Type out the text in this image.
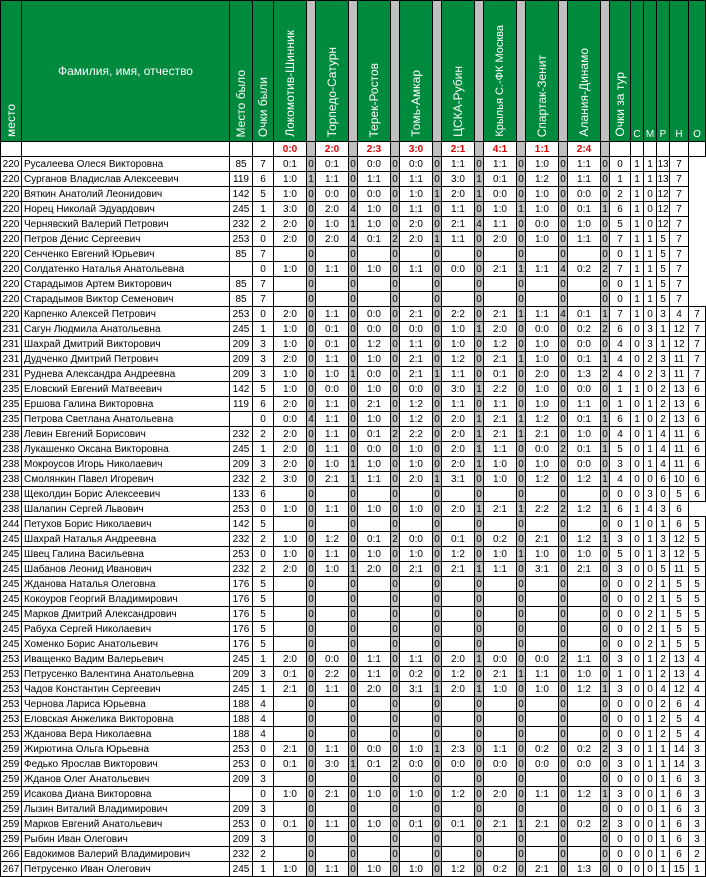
место	Фамилия, имя, отчество	Место было	Очки были	Локомотив-Шинник		Торпедо-Сатурн		Терек-Ростов		Томь-Амкар		ЦСКА-Рубин		Крылья С.-ФК Москва		Спартак-Зенит		Алания-Динамо		Очки за тур	С	М	Р	Н	О
				0:0		2:0		2:3		3:0		2:1		4:1		1:1		2:4							
220	Русалеева Олеся Викторовна	85	7	0:1	0	0:1	0	0:0	0	0:0	0	1:1	0	1:1	0	1:0	0	1:1	0	0	1	1	13	7	
220	Сурганов Владислав Алексеевич	119	6	1:0	1	1:1	0	1:1	0	1:1	0	3:0	1	0:1	0	1:2	0	1:1	0	1	1	1	13	7	
220	Вяткин Анатолий Леонидович	142	5	1:0	0	0:0	0	0:0	0	1:0	1	2:0	1	0:0	0	1:0	0	0:0	0	2	1	0	12	7	
220	Норец Николай Эдуардович	245	1	3:0	0	2:0	4	1:0	0	1:1	0	1:1	0	1:0	1	1:0	0	0:1	1	6	1	0	12	7	
220	Чернявский Валерий Петрович	232	2	2:0	0	1:0	1	1:0	0	2:0	0	2:1	4	1:1	0	0:0	0	1:0	0	5	1	0	12	7	
220	Петров Денис Сергеевич	253	0	2:0	0	2:0	4	0:1	2	2:0	1	1:1	0	2:0	0	1:0	0	1:1	0	7	1	1	5	7	
220	Сенченко Евгений Юрьевич	85	7		0		0		0		0		0		0		0		0	0	1	1	5	7	
220	Солдатенко Наталья Анатольевна		0	1:0	0	1:1	0	1:0	0	1:1	0	0:0	0	2:1	1	1:1	4	0:2	2	7	1	1	5	7	
220	Старадымов Артем Викторович	85	7		0		0		0		0		0		0		0		0	0	1	1	5	7	
220	Старадымов Виктор Семенович	85	7		0		0		0		0		0		0		0		0	0	1	1	5	7	
220	Карпенко Алексей Петрович	253	0	2:0	0	1:1	0	0:0	0	2:1	0	2:2	0	2:1	1	1:1	4	0:1	1	7	1	0	3	4	7
231	Сагун Людмила Анатольевна	245	1	1:0	0	0:1	0	0:0	0	0:0	0	1:0	1	2:0	0	0:0	0	0:2	2	6	0	3	1	12	7
231	Шахрай Дмитрий Викторович	209	3	1:0	0	0:1	0	1:2	0	1:1	0	1:0	0	1:2	0	1:0	0	0:0	0	4	0	3	1	12	7
231	Дудченко Дмитрий Петрович	209	3	2:0	0	1:1	0	1:0	0	2:1	0	1:2	0	2:1	1	1:0	0	0:1	1	4	0	2	3	11	7
231	Руднева Александра Андреевна	209	3	1:0	0	1:0	1	0:0	0	2:1	1	1:1	0	0:1	0	2:0	0	1:3	2	4	0	2	3	11	7
235	Еловский Евгений Матвеевич	142	5	1:0	0	0:0	0	1:0	0	0:0	0	3:0	1	2:2	0	1:0	0	0:0	0	1	1	0	2	13	6
235	Ершова Галина Викторовна	119	6	2:0	0	1:1	0	2:1	0	1:2	0	1:1	0	1:1	0	1:0	0	1:1	0	1	0	1	2	13	6
235	Петрова Светлана Анатольевна		0	0:0	4	1:1	0	1:0	0	1:2	0	2:0	1	2:1	1	1:2	0	0:1	1	6	1	0	2	13	6
238	Левин Евгений Борисович	232	2	2:0	0	1:1	0	0:1	2	2:2	0	2:0	1	2:1	1	2:1	0	1:0	0	4	0	1	4	11	6
238	Лукашенко Оксана Викторовна	245	1	2:0	0	1:1	0	0:0	0	1:0	0	2:0	1	1:1	0	0:0	2	0:1	1	5	0	1	4	11	6
238	Мокроусов Игорь Николаевич	209	3	2:0	0	1:0	1	1:0	0	1:0	0	2:0	1	1:0	0	1:0	0	0:0	0	3	0	1	4	11	6
238	Смолянкин Павел Игоревич	232	2	3:0	0	2:1	1	1:1	0	2:0	1	3:1	0	1:0	0	1:2	0	1:2	1	4	0	0	6	10	6
238	Щеколдин Борис Алексеевич	133	6		0		0		0		0		0		0		0		0	0	0	3	0	5	6
238	Шалапин Сергей Львович	253	0	1:0	0	1:1	0	1:0	0	1:0	0	2:0	1	2:1	1	2:2	2	1:2	1	6	1	4	3	6	
244	Петухов Борис Николаевич	142	5		0		0		0		0		0		0		0		0	0	1	0	1	6	5
245	Шахрай Наталья Андреевна	232	2	1:0	0	1:2	0	0:1	2	0:0	0	0:1	0	0:2	0	2:1	0	1:2	1	3	0	1	3	12	5
245	Швец Галина Васильевна	253	0	1:0	0	1:1	0	1:0	0	1:0	0	1:2	0	1:0	1	1:0	0	1:0	0	5	0	1	3	12	5
245	Шабанов Леонид Иванович	232	2	2:0	0	1:0	1	2:0	0	2:1	0	2:1	1	1:1	0	3:1	0	2:1	0	3	0	0	5	11	5
245	Жданова Наталья Олеговна	176	5		0		0		0		0		0		0		0		0	0	0	2	1	5	5
245	Кокоуров Георгий Владимирович	176	5		0		0		0		0		0		0		0		0	0	0	2	1	5	5
245	Марков Дмитрий Александрович	176	5		0		0		0		0		0		0		0		0	0	0	2	1	5	5
245	Рабуха Сергей Николаевич	176	5		0		0		0		0		0		0		0		0	0	0	2	1	5	5
245	Хоменко Борис Анатольевич	176	5		0		0		0		0		0		0		0		0	0	0	2	1	5	5
253	Иващенко Вадим Валерьевич	245	1	2:0	0	0:0	0	1:1	0	1:1	0	2:0	1	0:0	0	0:0	2	1:1	0	3	0	1	2	13	4
253	Петрусенко Валентина Анатольевна	209	3	0:1	0	2:2	0	1:1	0	0:2	0	1:2	0	2:1	1	1:1	0	1:0	0	1	0	1	2	13	4
253	Чадов Константин Сергеевич	245	1	2:1	0	1:1	0	2:0	0	3:1	1	2:0	1	1:0	0	1:0	0	1:2	1	3	0	0	4	12	4
253	Чернова Лариса Юрьевна	188	4		0		0		0		0		0		0		0		0	0	0	0	2	6	4
253	Еловская Анжелика Викторовна	188	4		0		0		0		0		0		0		0		0	0	0	1	2	5	4
253	Жданова Вера Николаевна	188	4		0		0		0		0		0		0		0		0	0	0	1	2	5	4
259	Жирютина Ольга Юрьевна	253	0	2:1	0	1:1	0	0:0	0	1:0	1	2:3	0	1:1	0	0:2	0	0:2	2	3	0	1	1	14	3
259	Федько Ярослав Викторович	253	0	0:1	0	3:0	1	0:1	2	0:0	0	0:0	0	0:0	0	0:0	0	0:0	0	3	0	1	1	14	3
259	Жданов Олег Анатольевич	209	3		0		0		0		0		0		0		0		0	0	0	0	1	6	3
259	Исакова Диана Викторовна		0	1:0	0	2:1	0	1:0	0	1:0	0	1:2	0	2:0	0	1:1	0	1:2	1	3	0	0	1	6	3
259	Лызин Виталий Владимирович	209	3		0		0		0		0		0		0		0		0	0	0	0	1	6	3
259	Марков Евгений Анатольевич	253	0	0:1	0	1:1	0	1:0	0	0:1	0	0:1	0	2:1	1	2:1	0	0:2	2	3	0	0	1	6	3
259	Рыбин Иван Олегович	209	3		0		0		0		0		0		0		0		0	0	0	0	1	6	3
266	Евдокимов Валерий Владимирович	232	2		0		0		0		0		0		0		0		0	0	0	0	1	6	2
267	Петрусенко Иван Олегович	245	1	1:0	0	1:1	0	1:0	0	1:0	0	1:2	0	0:2	0	2:1	0	1:3	0	0	0	0	1	15	1
